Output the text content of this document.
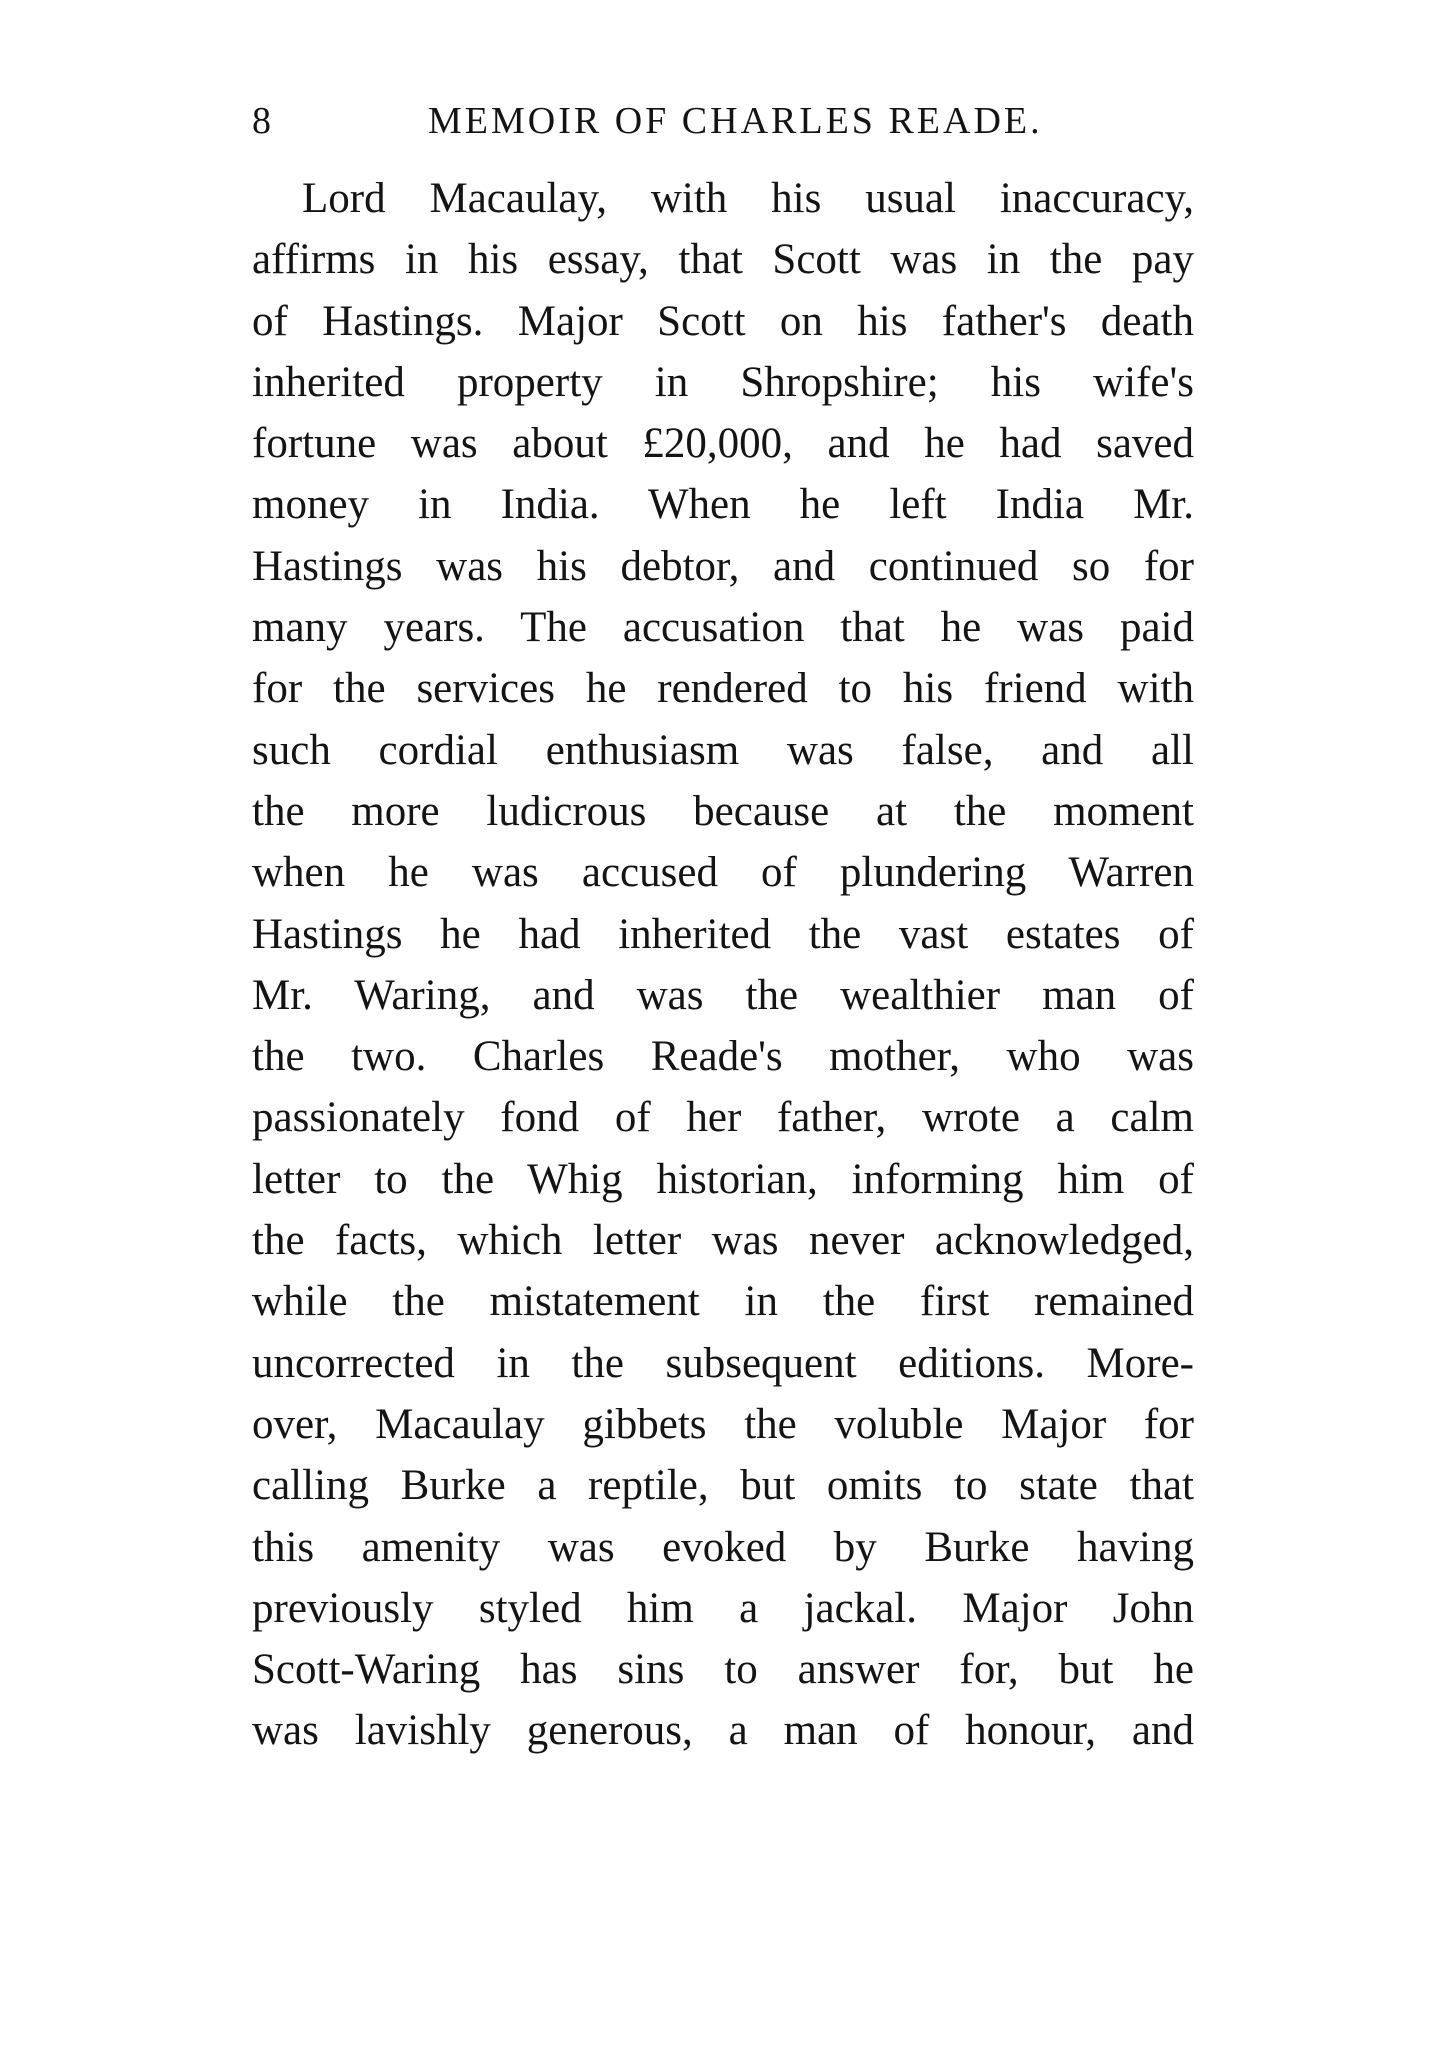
8	MEMOIR OF CHARLES READE.
Lord Macaulay, with his usual inaccuracy,
affirms in his essay, that Scott was in the pay
of Hastings. Major Scott on his father's death
inherited property in Shropshire; his wife's
fortune was about £20,000, and he had saved
money in India. When he left India Mr.
Hastings was his debtor, and continued so for
many years. The accusation that he was paid
for the services he rendered to his friend with
such cordial enthusiasm was false, and all
the more ludicrous because at the moment
when he was accused of plundering Warren
Hastings he had inherited the vast estates of
Mr. Waring, and was the wealthier man of
the two. Charles Reade's mother, who was
passionately fond of her father, wrote a calm
letter to the Whig historian, informing him of
the facts, which letter was never acknowledged,
while the mistatement in the first remained
uncorrected in the subsequent editions. More-
over, Macaulay gibbets the voluble Major for
calling Burke a reptile, but omits to state that
this amenity was evoked by Burke having
previously styled him a jackal. Major John
Scott-Waring has sins to answer for, but he
was lavishly generous, a man of honour, and
